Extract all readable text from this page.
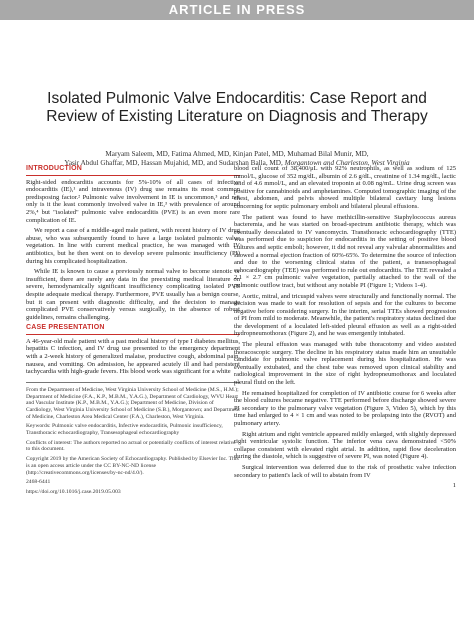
ARTICLE IN PRESS
Isolated Pulmonic Valve Endocarditis: Case Report and Review of Existing Literature on Diagnosis and Therapy
Maryam Saleem, MD, Fatima Ahmed, MD, Kinjan Patel, MD, Muhamad Bilal Munir, MD,
Yasir Abdul Ghaffar, MD, Hassan Mujahid, MD, and Sudarshan Balla, MD, Morgantown and Charleston, West Virginia
INTRODUCTION

Right-sided endocarditis accounts for 5%-10% of all cases of infective endocarditis (IE),¹ and intravenous (IV) drug use remains its most common predisposing factor.² Pulmonic valve involvement in IE is uncommon,³ and not only is it the least commonly involved valve in IE,³ with prevalence of around 2%,⁴ but "isolated" pulmonic valve endocarditis (PVE) is an even more rare complication of IE.

We report a case of a middle-aged male patient, with recent history of IV drug abuse, who was subsequently found to have a large isolated pulmonic valve vegetation. In line with current medical practice, he was managed with IV antibiotics, but he then went on to develop severe pulmonic insufficiency (PI) during his complicated hospitalization.

While IE is known to cause a previously normal valve to become stenotic or insufficient, there are rarely any data in the preexisting medical literature on severe, hemodynamically significant insufficiency complicating isolated PVE despite adequate medical therapy. Furthermore, PVE usually has a benign course, but it can present with diagnostic difficulty, and the decision to manage complicated PVE conservatively versus surgically, in the absence of robust guidelines, remains challenging.

CASE PRESENTATION

A 46-year-old male patient with a past medical history of type I diabetes mellitus, hepatitis C infection, and IV drug use presented to the emergency department with a 2-week history of generalized malaise, productive cough, abdominal pain, nausea, and vomiting. On admission, he appeared acutely ill and had persistent tachycardia with high-grade fevers. His blood work was significant for a white

From the Department of Medicine, West Virginia University School of Medicine (M.S., H.M.); Department of Medicine (F.A., K.P., M.B.M., Y.A.G.), Department of Cardiology, WVU Heart and Vascular Institute (K.P., M.B.M., Y.A.G.); Department of Medicine, Division of Cardiology, West Virginia University School of Medicine (S.B.), Morgantown; and Department of Medicine, Charleston Area Medical Center (F.A.), Charleston, West Virginia.

Keywords: Pulmonic valve endocarditis, Infective endocarditis, Pulmonic insufficiency, Transthoracic echocardiography, Transesophageal echocardiography

Conflicts of interest: The authors reported no actual or potentially conflicts of interest relative to this document.

Copyright 2019 by the American Society of Echocardiography. Published by Elsevier Inc. This is an open access article under the CC BY-NC-ND license (http://creativecommons.org/licenses/by-nc-nd/4.0/).

2468-6441

https://doi.org/10.1016/j.case.2019.05.003

blood cell count of 38,400/μL with 92% neutrophils, as well as sodium of 125 mmol/L, glucose of 352 mg/dL, albumin of 2.6 g/dL, creatinine of 1.34 mg/dL, lactic acid of 4.6 mmol/L, and an elevated troponin at 0.08 ng/mL. Urine drug screen was positive for cannabinoids and amphetamines. Computed tomographic imaging of the chest, abdomen, and pelvis showed multiple bilateral cavitary lung lesions concerning for septic pulmonary emboli and bilateral pleural effusions.

The patient was found to have methicillin-sensitive Staphylococcus aureus bacteremia, and he was started on broad-spectrum antibiotic therapy, which was eventually deescalated to IV vancomycin. Transthoracic echocardiography (TTE) was performed due to suspicion for endocarditis in the setting of positive blood cultures and septic emboli; however, it did not reveal any valvular abnormalities and showed a normal ejection fraction of 60%-65%. To determine the source of infection and due to the worsening clinical status of the patient, a transesophageal echocardiography (TEE) was performed to rule out endocarditis. The TEE revealed a 2.1 × 2.7 cm pulmonic valve vegetation, partially attached to the wall of the pulmonic outflow tract, but without any notable PI (Figure 1; Videos 1-4).

Aortic, mitral, and tricuspid valves were structurally and functionally normal. The decision was made to wait for resolution of sepsis and for the cultures to become negative before considering surgery. In the interim, serial TTEs showed progression of PI from mild to moderate. Meanwhile, the patient's respiratory status declined due the development of a loculated left-sided pleural effusion as well as a right-sided hydropneumothorax (Figure 2), and he was emergently intubated.

The pleural effusion was managed with tube thoracotomy and video assisted thoracoscopic surgery. The decline in his respiratory status made him an unsuitable candidate for pulmonic valve replacement during his hospitalization. He was eventually extubated, and the chest tube was removed upon clinical stability and radiological improvement in the size of right hydropneumothorax and loculated pleural fluid on the left.

He remained hospitalized for completion of IV antibiotic course for 6 weeks after the blood cultures became negative. TTE performed before discharge showed severe PI secondary to the pulmonary valve vegetation (Figure 3, Video 5), which by this time had enlarged to 4 × 1 cm and was noted to be prolapsing into the (RVOT) and pulmonary artery.

Right atrium and right ventricle appeared mildly enlarged, with slightly depressed right ventricular systolic function. The inferior vena cava demonstrated <50% collapse consistent with elevated right atrial. In addition, rapid flow deceleration during the diastole, which is suggestive of severe PI, was noted (Figure 4).

Surgical intervention was deferred due to the risk of prosthetic valve infection secondary to patient's lack of will to abstain from IV

1
